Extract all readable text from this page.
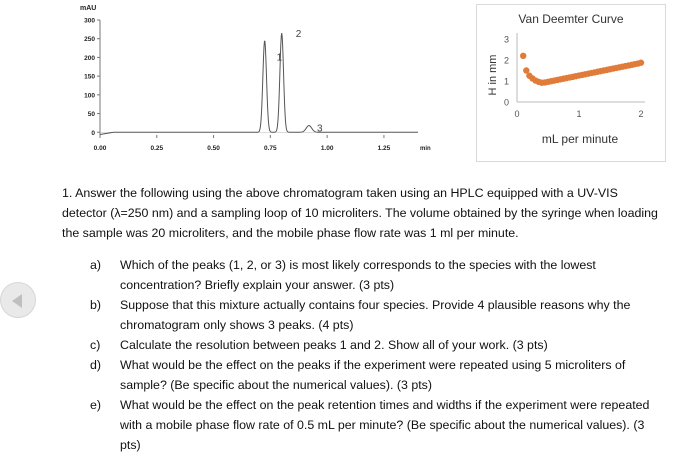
mAU
300
250
200
150
100
50
0
0.00	0.25	0.50	0.75	1.00	1.25
1
2
3
min
Van Deemter Curve
H in mm
3
2
1
0
0	1	2
mL per minute

1. Answer the following using the above chromatogram taken using an HPLC equipped with a UV-VIS detector (λ=250 nm) and a sampling loop of 10 microliters. The volume obtained by the syringe when loading the sample was 20 microliters, and the mobile phase flow rate was 1 ml per minute.

a) Which of the peaks (1, 2, or 3) is most likely corresponds to the species with the lowest concentration? Briefly explain your answer. (3 pts)
b) Suppose that this mixture actually contains four species. Provide 4 plausible reasons why the chromatogram only shows 3 peaks. (4 pts)
c) Calculate the resolution between peaks 1 and 2. Show all of your work. (3 pts)
d) What would be the effect on the peaks if the experiment were repeated using 5 microliters of sample? (Be specific about the numerical values). (3 pts)
e) What would be the effect on the peak retention times and widths if the experiment were repeated with a mobile phase flow rate of 0.5 mL per minute? (Be specific about the numerical values). (3 pts)
